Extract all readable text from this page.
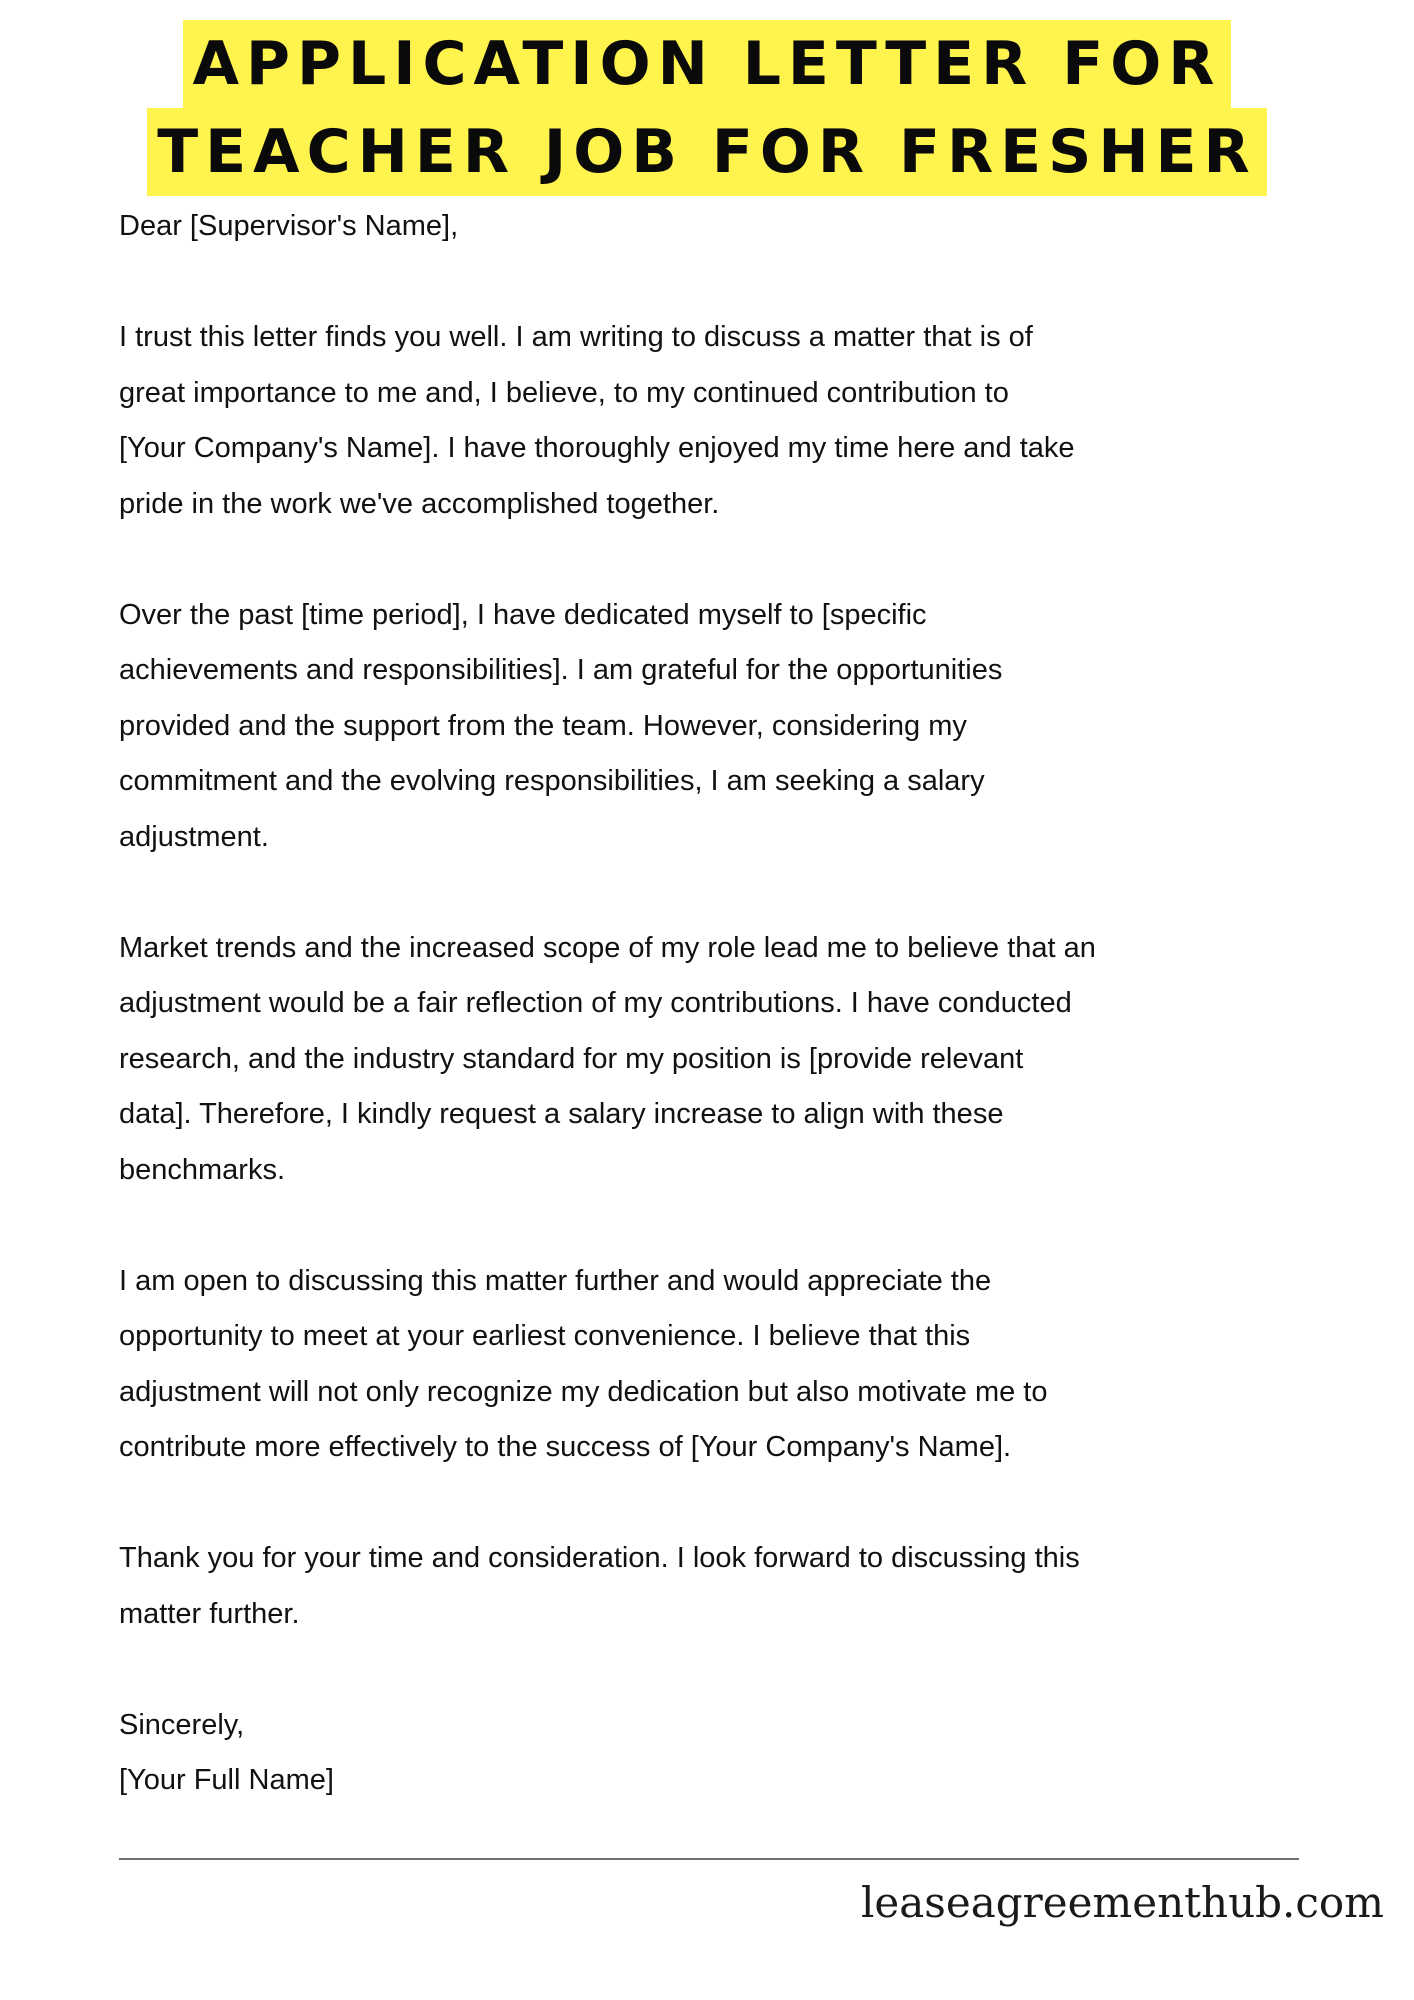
APPLICATION LETTER FOR
TEACHER JOB FOR FRESHER

Dear [Supervisor's Name],

I trust this letter finds you well. I am writing to discuss a matter that is of

great importance to me and, I believe, to my continued contribution to

[Your Company's Name]. I have thoroughly enjoyed my time here and take

pride in the work we've accomplished together.

Over the past [time period], I have dedicated myself to [specific

achievements and responsibilities]. I am grateful for the opportunities

provided and the support from the team. However, considering my

commitment and the evolving responsibilities, I am seeking a salary

adjustment.

Market trends and the increased scope of my role lead me to believe that an

adjustment would be a fair reflection of my contributions. I have conducted

research, and the industry standard for my position is [provide relevant

data]. Therefore, I kindly request a salary increase to align with these

benchmarks.

I am open to discussing this matter further and would appreciate the

opportunity to meet at your earliest convenience. I believe that this

adjustment will not only recognize my dedication but also motivate me to

contribute more effectively to the success of [Your Company's Name].

Thank you for your time and consideration. I look forward to discussing this

matter further.

Sincerely,

[Your Full Name]

leaseagreementhub.com
